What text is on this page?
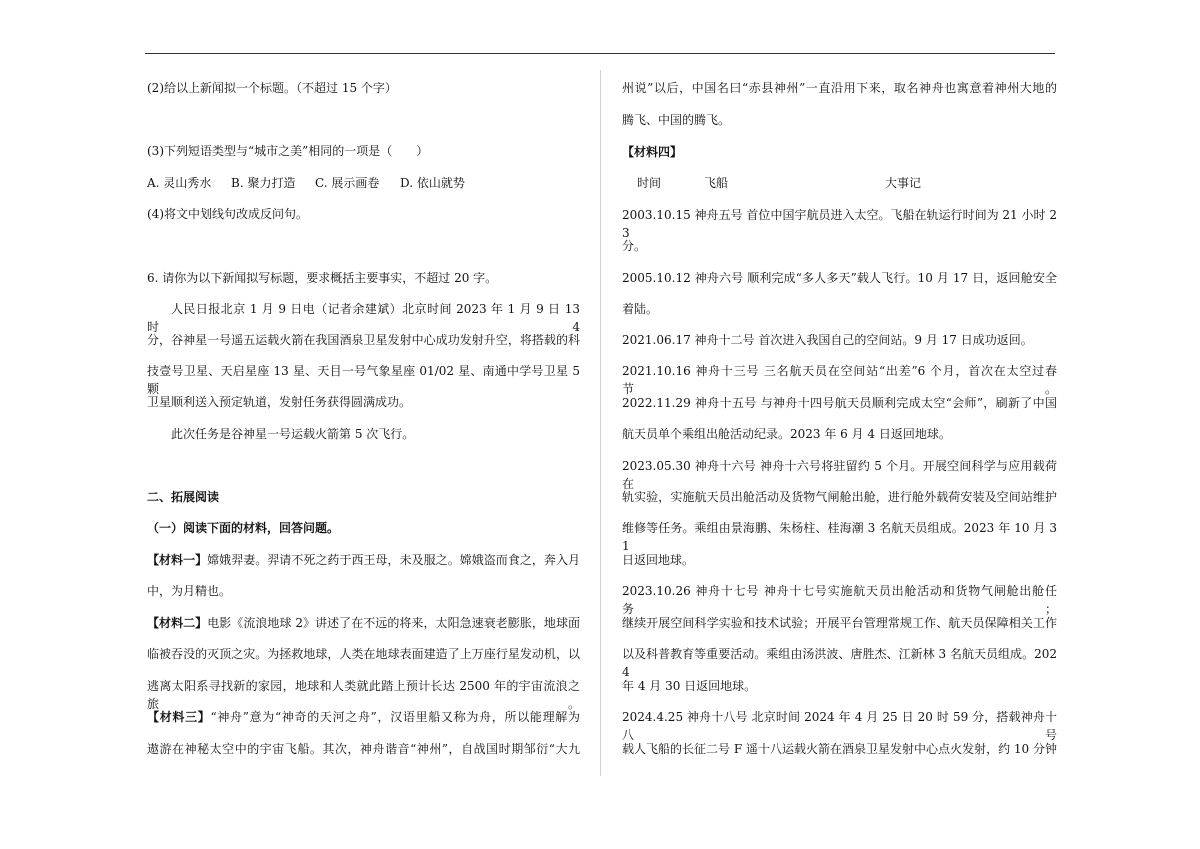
(2)给以上新闻拟一个标题。（不超过 15 个字）
(3)下列短语类型与“城市之美”相同的一项是（　　）
A. 灵山秀水 B. 聚力打造 C. 展示画卷 D. 依山就势
(4)将文中划线句改成反问句。
6. 请你为以下新闻拟写标题，要求概括主要事实，不超过 20 字。
人民日报北京 1 月 9 日电（记者余建斌）北京时间 2023 年 1 月 9 日 13 时 4
分，谷神星一号遥五运载火箭在我国酒泉卫星发射中心成功发射升空，将搭载的科
技壹号卫星、天启星座 13 星、天目一号气象星座 01/02 星、南通中学号卫星 5 颗
卫星顺利送入预定轨道，发射任务获得圆满成功。
此次任务是谷神星一号运载火箭第 5 次飞行。
二、拓展阅读
（一）阅读下面的材料，回答问题。
【材料一】嫦娥羿妻。羿请不死之药于西王母，未及服之。嫦娥盗而食之，奔入月
中，为月精也。
【材料二】电影《流浪地球 2》讲述了在不远的将来，太阳急速衰老膨胀，地球面
临被吞没的灭顶之灾。为拯救地球，人类在地球表面建造了上万座行星发动机，以
逃离太阳系寻找新的家园，地球和人类就此踏上预计长达 2500 年的宇宙流浪之旅。
【材料三】“神舟”意为“神奇的天河之舟”，汉语里船又称为舟，所以能理解为
遨游在神秘太空中的宇宙飞船。其次，神舟谐音“神州”，自战国时期邹衍“大九
州说”以后，中国名曰“赤县神州”一直沿用下来，取名神舟也寓意着神州大地的
腾飞、中国的腾飞。
【材料四】
时间	飞船	大事记
2003.10.15 神舟五号 首位中国宇航员进入太空。飞船在轨运行时间为 21 小时 23
分。
2005.10.12 神舟六号 顺利完成“多人多天”载人飞行。10 月 17 日，返回舱安全
着陆。
2021.06.17 神舟十二号 首次进入我国自己的空间站。9 月 17 日成功返回。
2021.10.16 神舟十三号 三名航天员在空间站“出差”6 个月，首次在太空过春节。
2022.11.29 神舟十五号 与神舟十四号航天员顺利完成太空“会师”，刷新了中国
航天员单个乘组出舱活动纪录。2023 年 6 月 4 日返回地球。
2023.05.30 神舟十六号 神舟十六号将驻留约 5 个月。开展空间科学与应用载荷在
轨实验，实施航天员出舱活动及货物气闸舱出舱，进行舱外载荷安装及空间站维护
维修等任务。乘组由景海鹏、朱杨柱、桂海潮 3 名航天员组成。2023 年 10 月 31
日返回地球。
2023.10.26 神舟十七号 神舟十七号实施航天员出舱活动和货物气闸舱出舱任务；
继续开展空间科学实验和技术试验；开展平台管理常规工作、航天员保障相关工作
以及科普教育等重要活动。乘组由汤洪波、唐胜杰、江新林 3 名航天员组成。2024
年 4 月 30 日返回地球。
2024.4.25 神舟十八号 北京时间 2024 年 4 月 25 日 20 时 59 分，搭载神舟十八号
载人飞船的长征二号 F 遥十八运载火箭在酒泉卫星发射中心点火发射，约 10 分钟
